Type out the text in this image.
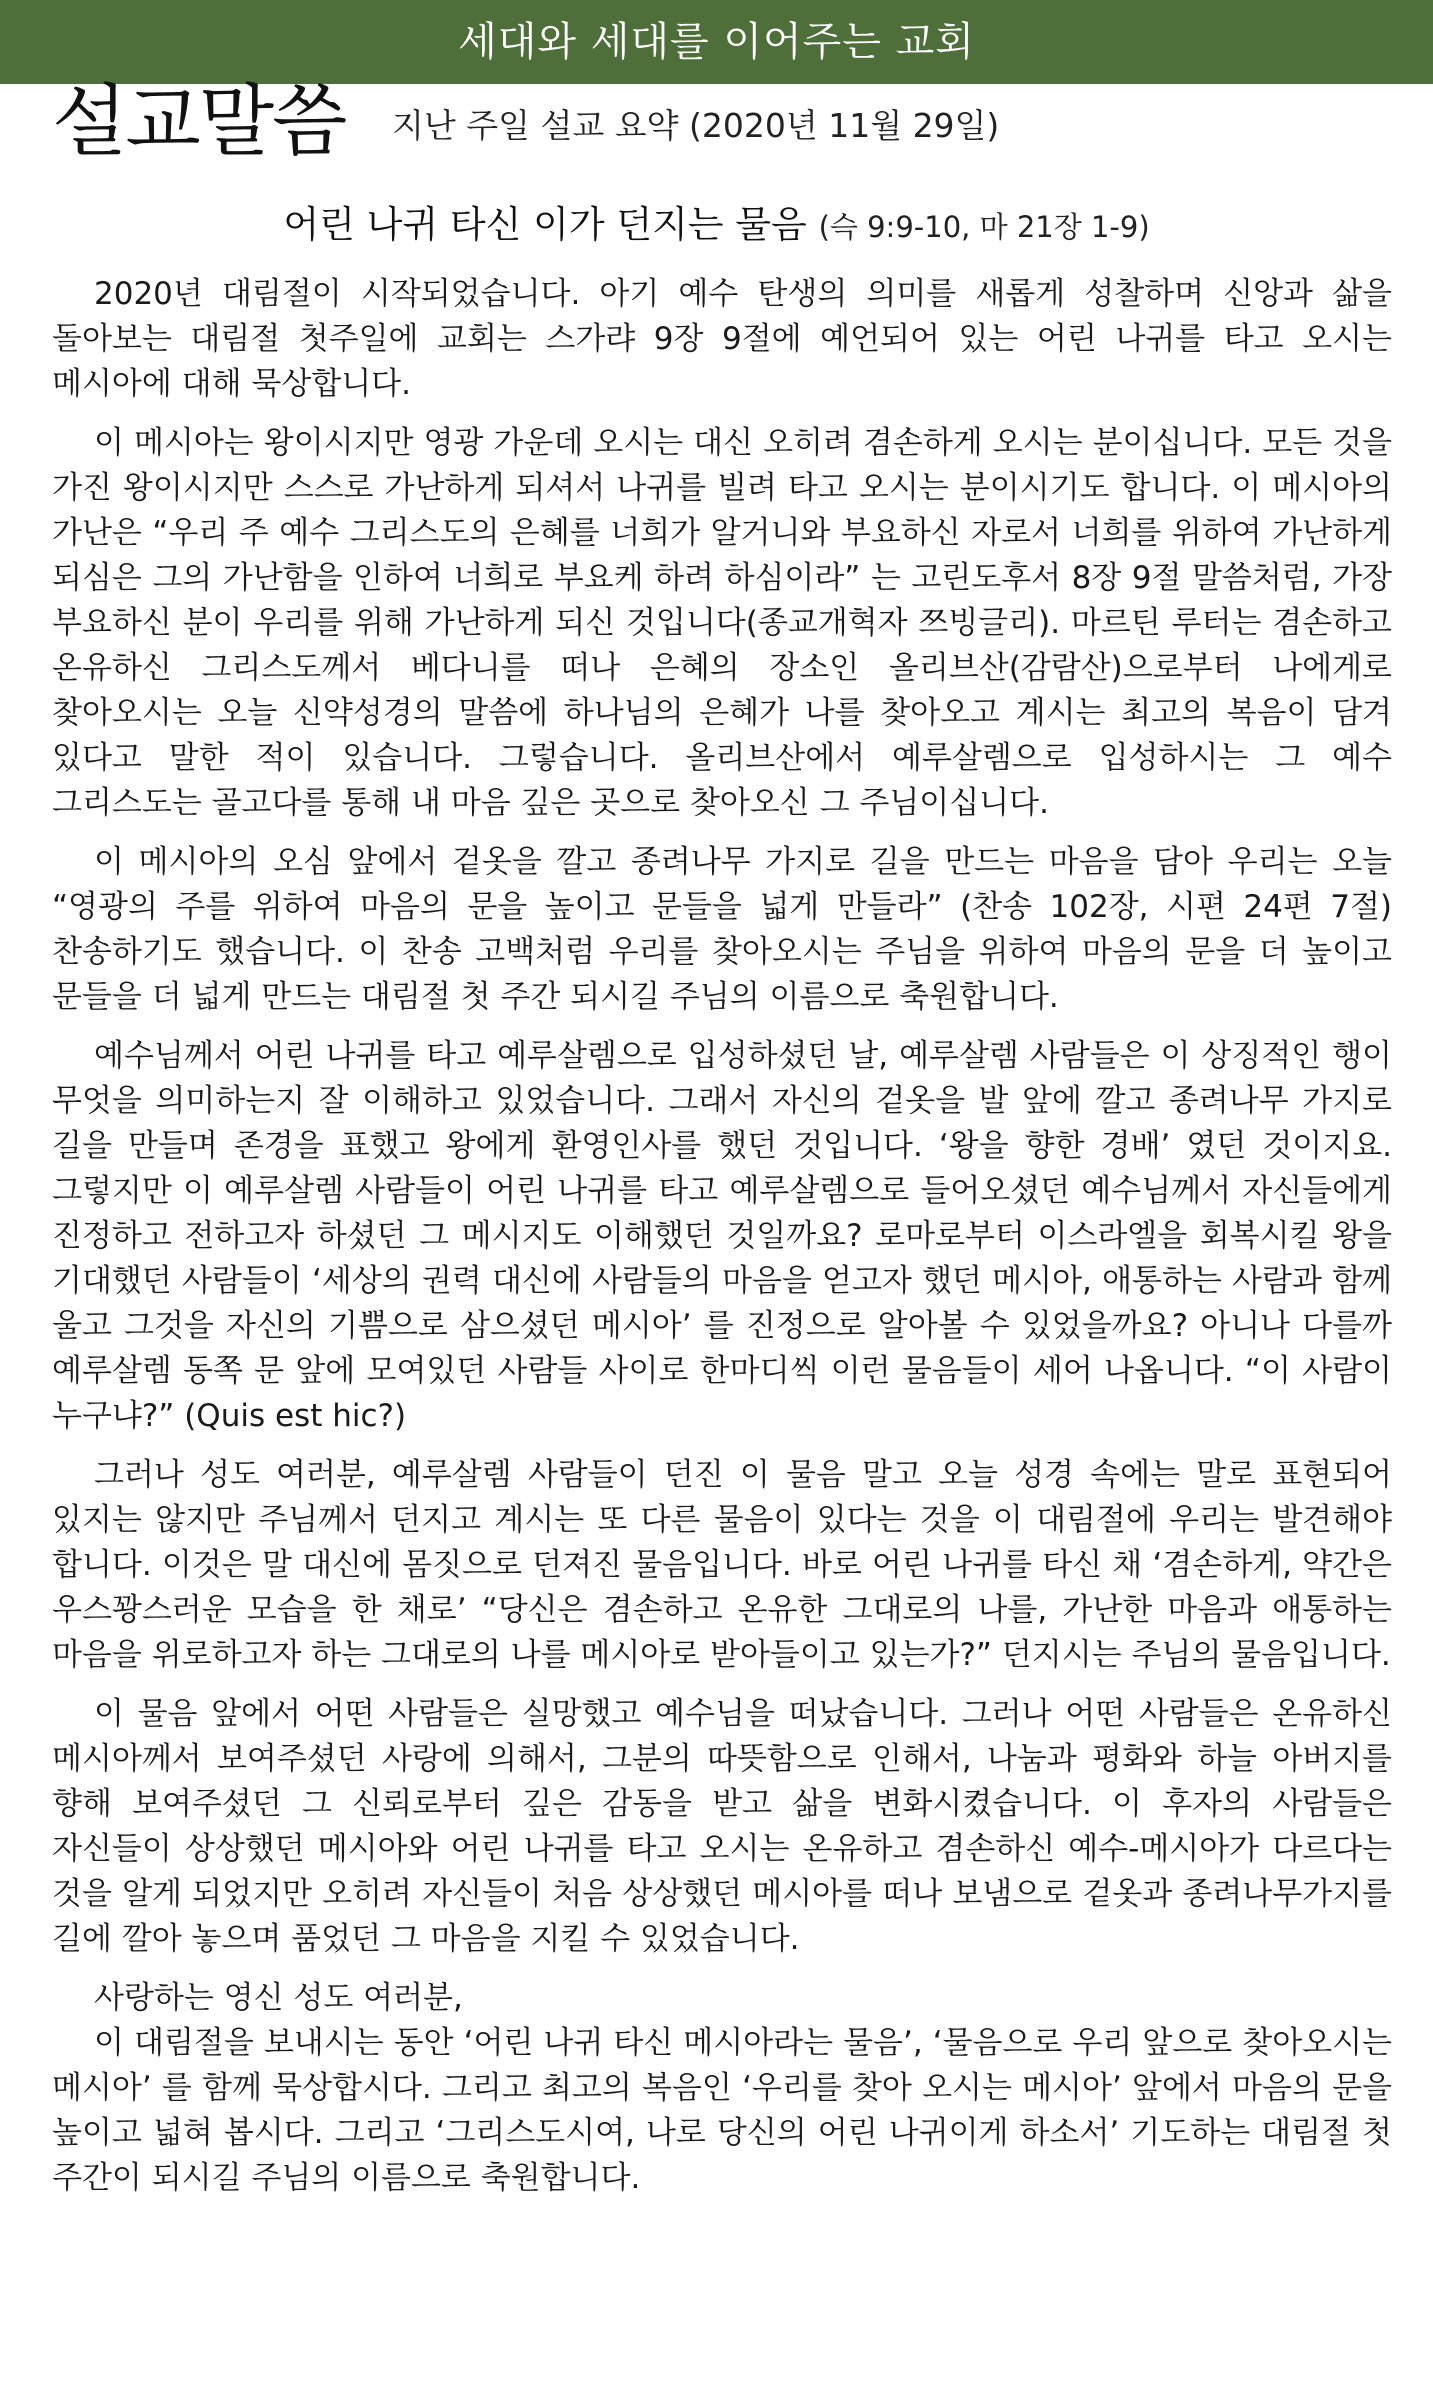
세대와 세대를 이어주는 교회
설교말씀 지난 주일 설교 요약 (2020년 11월 29일)
어린 나귀 타신 이가 던지는 물음 (슥 9:9-10, 마 21장 1-9)

2020년 대림절이 시작되었습니다. 아기 예수 탄생의 의미를 새롭게 성찰하며 신앙과 삶을 돌아보는 대림절 첫주일에 교회는 스가랴 9장 9절에 예언되어 있는 어린 나귀를 타고 오시는 메시아에 대해 묵상합니다.

이 메시아는 왕이시지만 영광 가운데 오시는 대신 오히려 겸손하게 오시는 분이십니다. 모든 것을 가진 왕이시지만 스스로 가난하게 되셔서 나귀를 빌려 타고 오시는 분이시기도 합니다. 이 메시아의 가난은 “우리 주 예수 그리스도의 은혜를 너희가 알거니와 부요하신 자로서 너희를 위하여 가난하게 되심은 그의 가난함을 인하여 너희로 부요케 하려 하심이라” 는 고린도후서 8장 9절 말씀처럼, 가장 부요하신 분이 우리를 위해 가난하게 되신 것입니다(종교개혁자 쯔빙글리). 마르틴 루터는 겸손하고 온유하신 그리스도께서 베다니를 떠나 은혜의 장소인 올리브산(감람산)으로부터 나에게로 찾아오시는 오늘 신약성경의 말씀에 하나님의 은혜가 나를 찾아오고 계시는 최고의 복음이 담겨 있다고 말한 적이 있습니다. 그렇습니다. 올리브산에서 예루살렘으로 입성하시는 그 예수 그리스도는 골고다를 통해 내 마음 깊은 곳으로 찾아오신 그 주님이십니다.

이 메시아의 오심 앞에서 겉옷을 깔고 종려나무 가지로 길을 만드는 마음을 담아 우리는 오늘 “영광의 주를 위하여 마음의 문을 높이고 문들을 넓게 만들라” (찬송 102장, 시편 24편 7절) 찬송하기도 했습니다. 이 찬송 고백처럼 우리를 찾아오시는 주님을 위하여 마음의 문을 더 높이고 문들을 더 넓게 만드는 대림절 첫 주간 되시길 주님의 이름으로 축원합니다.

예수님께서 어린 나귀를 타고 예루살렘으로 입성하셨던 날, 예루살렘 사람들은 이 상징적인 행이 무엇을 의미하는지 잘 이해하고 있었습니다. 그래서 자신의 겉옷을 발 앞에 깔고 종려나무 가지로 길을 만들며 존경을 표했고 왕에게 환영인사를 했던 것입니다. ‘왕을 향한 경배’ 였던 것이지요. 그렇지만 이 예루살렘 사람들이 어린 나귀를 타고 예루살렘으로 들어오셨던 예수님께서 자신들에게 진정하고 전하고자 하셨던 그 메시지도 이해했던 것일까요? 로마로부터 이스라엘을 회복시킬 왕을 기대했던 사람들이 ‘세상의 권력 대신에 사람들의 마음을 얻고자 했던 메시아, 애통하는 사람과 함께 울고 그것을 자신의 기쁨으로 삼으셨던 메시아’ 를 진정으로 알아볼 수 있었을까요? 아니나 다를까 예루살렘 동쪽 문 앞에 모여있던 사람들 사이로 한마디씩 이런 물음들이 세어 나옵니다. “이 사람이 누구냐?” (Quis est hic?)

그러나 성도 여러분, 예루살렘 사람들이 던진 이 물음 말고 오늘 성경 속에는 말로 표현되어 있지는 않지만 주님께서 던지고 계시는 또 다른 물음이 있다는 것을 이 대림절에 우리는 발견해야 합니다. 이것은 말 대신에 몸짓으로 던져진 물음입니다. 바로 어린 나귀를 타신 채 ‘겸손하게, 약간은 우스꽝스러운 모습을 한 채로’ “당신은 겸손하고 온유한 그대로의 나를, 가난한 마음과 애통하는 마음을 위로하고자 하는 그대로의 나를 메시아로 받아들이고 있는가?” 던지시는 주님의 물음입니다.

이 물음 앞에서 어떤 사람들은 실망했고 예수님을 떠났습니다. 그러나 어떤 사람들은 온유하신 메시아께서 보여주셨던 사랑에 의해서, 그분의 따뜻함으로 인해서, 나눔과 평화와 하늘 아버지를 향해 보여주셨던 그 신뢰로부터 깊은 감동을 받고 삶을 변화시켰습니다. 이 후자의 사람들은 자신들이 상상했던 메시아와 어린 나귀를 타고 오시는 온유하고 겸손하신 예수-메시아가 다르다는 것을 알게 되었지만 오히려 자신들이 처음 상상했던 메시아를 떠나 보냄으로 겉옷과 종려나무가지를 길에 깔아 놓으며 품었던 그 마음을 지킬 수 있었습니다.

사랑하는 영신 성도 여러분,

이 대림절을 보내시는 동안 ‘어린 나귀 타신 메시아라는 물음’, ‘물음으로 우리 앞으로 찾아오시는 메시아’ 를 함께 묵상합시다. 그리고 최고의 복음인 ‘우리를 찾아 오시는 메시아’ 앞에서 마음의 문을 높이고 넓혀 봅시다. 그리고 ‘그리스도시여, 나로 당신의 어린 나귀이게 하소서’ 기도하는 대림절 첫 주간이 되시길 주님의 이름으로 축원합니다.
